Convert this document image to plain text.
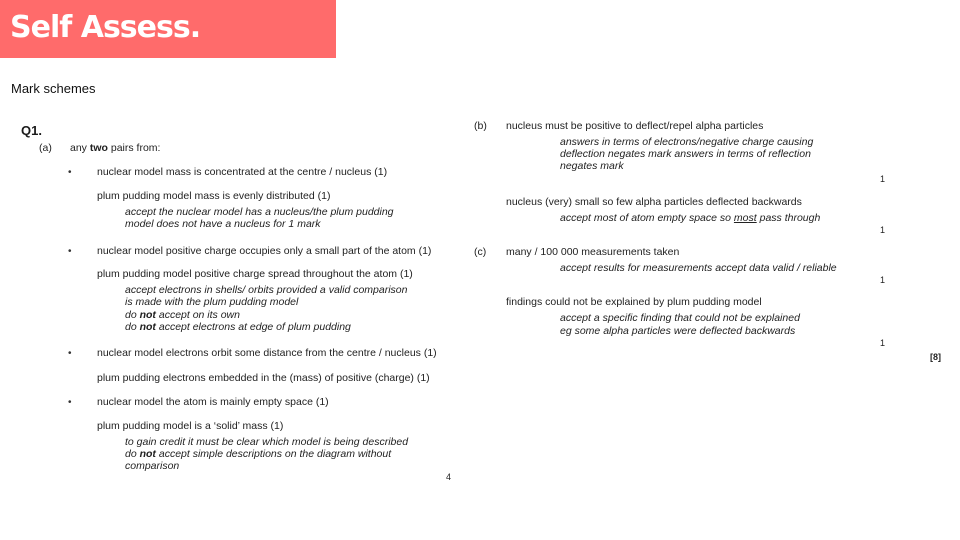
Self Assess.
Mark schemes
Q1.
(a) any two pairs from:
• nuclear model mass is concentrated at the centre / nucleus (1)
plum pudding model mass is evenly distributed (1)
accept the nuclear model has a nucleus/the plum pudding
model does not have a nucleus for 1 mark
• nuclear model positive charge occupies only a small part of the atom (1)
plum pudding model positive charge spread throughout the atom (1)
accept electrons in shells/ orbits provided a valid comparison
is made with the plum pudding model
do not accept on its own
do not accept electrons at edge of plum pudding
• nuclear model electrons orbit some distance from the centre / nucleus (1)
plum pudding electrons embedded in the (mass) of positive (charge) (1)
• nuclear model the atom is mainly empty space (1)
plum pudding model is a ‘solid’ mass (1)
to gain credit it must be clear which model is being described
do not accept simple descriptions on the diagram without
comparison
4
(b) nucleus must be positive to deflect/repel alpha particles
answers in terms of electrons/negative charge causing
deflection negates mark answers in terms of reflection
negates mark
1
nucleus (very) small so few alpha particles deflected backwards
accept most of atom empty space so most pass through
1
(c) many / 100 000 measurements taken
accept results for measurements accept data valid / reliable
1
findings could not be explained by plum pudding model
accept a specific finding that could not be explained
eg some alpha particles were deflected backwards
1
[8]
